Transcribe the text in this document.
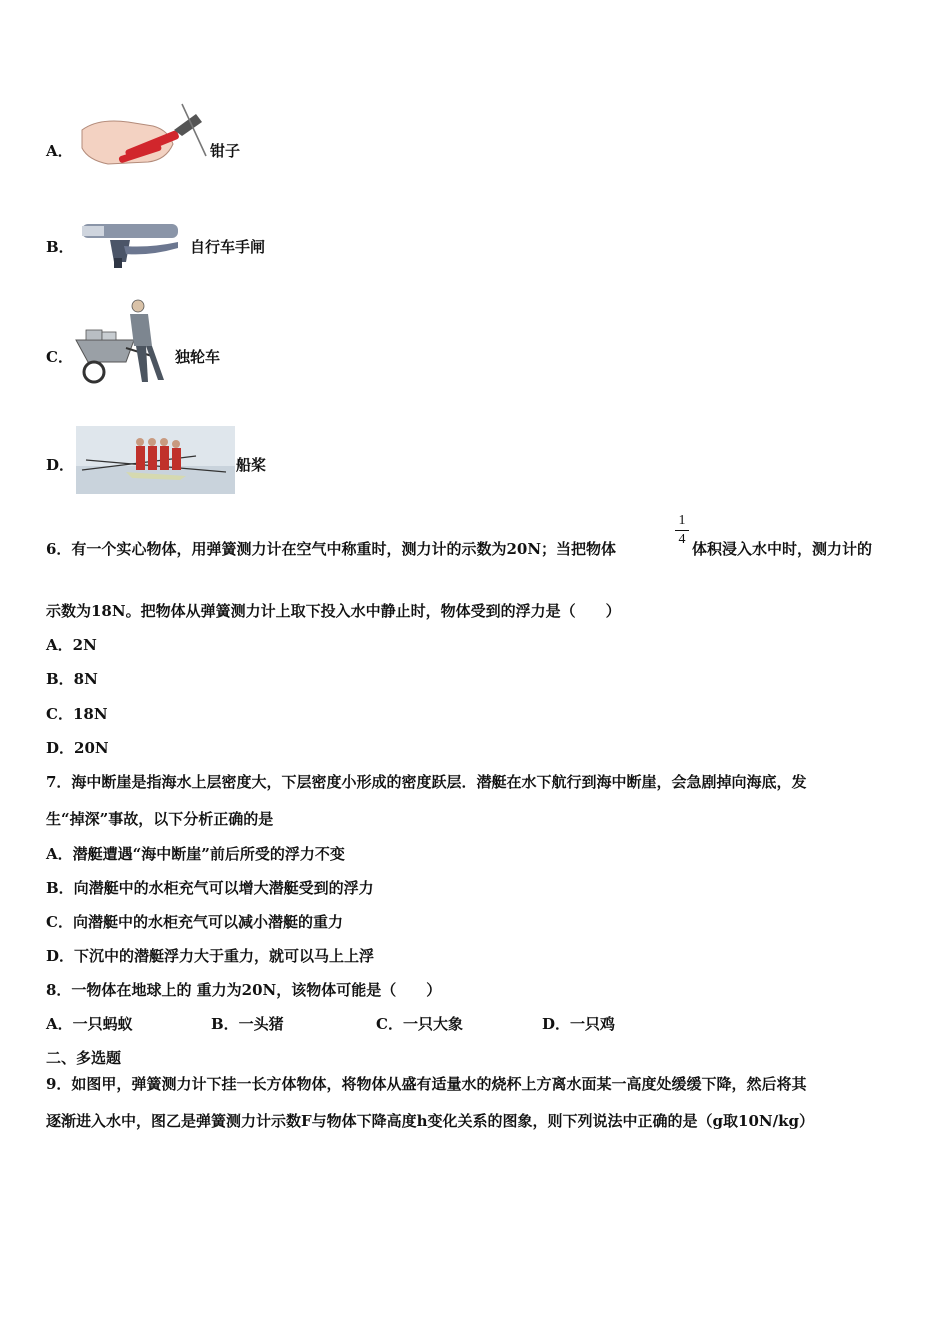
A．	钳子
B．	自行车手闸
C．	独轮车
D．	船桨
6．有一个实心物体，用弹簧测力计在空气中称重时，测力计的示数为20N；当把物体
1
4
体积浸入水中时，测力计的
示数为18N。把物体从弹簧测力计上取下投入水中静止时，物体受到的浮力是（　　）
A．2N
B．8N
C．18N
D．20N
7．海中断崖是指海水上层密度大，下层密度小形成的密度跃层．潜艇在水下航行到海中断崖，会急剧掉向海底，发
生“掉深”事故，以下分析正确的是
A．潜艇遭遇“海中断崖”前后所受的浮力不变
B．向潜艇中的水柜充气可以增大潜艇受到的浮力
C．向潜艇中的水柜充气可以减小潜艇的重力
D．下沉中的潜艇浮力大于重力，就可以马上上浮
8．一物体在地球上的 重力为20N，该物体可能是（　　）
A．一只蚂蚁	B．一头猪	C．一只大象	D．一只鸡
二、多选题
9．如图甲，弹簧测力计下挂一长方体物体，将物体从盛有适量水的烧杯上方离水面某一高度处缓缓下降，然后将其
逐渐进入水中，图乙是弹簧测力计示数F与物体下降高度h变化关系的图象，则下列说法中正确的是（g取10N/kg）
